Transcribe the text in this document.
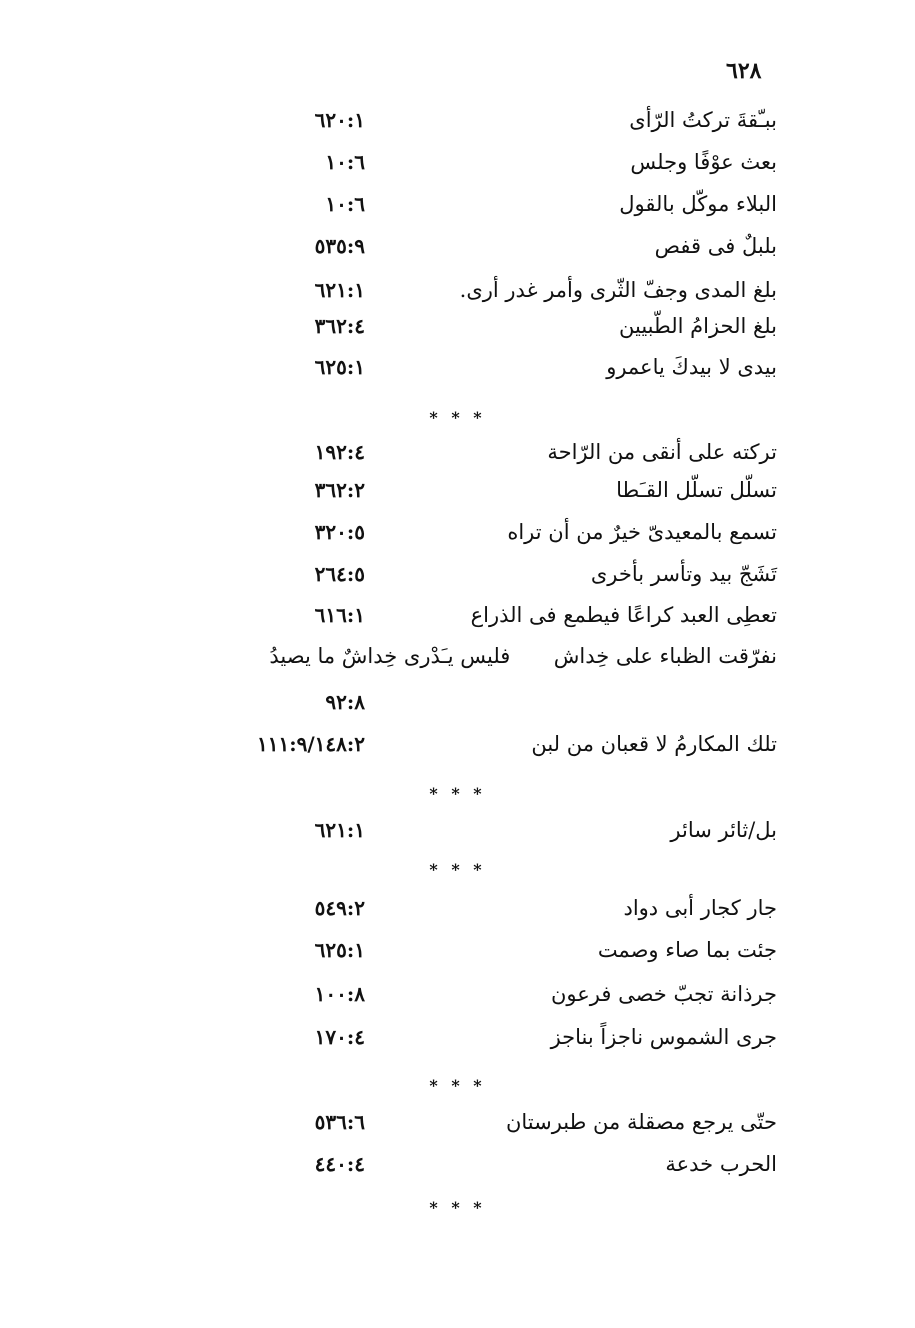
٦٢٨
ببـّقةَ تركتُ الرّأى
٦٢٠:١
بعث عوْفًا وجلس
١٠:٦
البلاء موكّل بالقول
١٠:٦
بلبلٌ فى قفص
٥٣٥:٩
بلغ المدى وجفّ الثّرى وأمر غدر أرى.
٦٢١:١
بلغ الحزامُ الطّبيين
٣٦٢:٤
بيدى لا بيدكَ ياعمرو
٦٢٥:١
* * *
تركته على أنقى من الرّاحة
١٩٢:٤
تسلّل تسلّل القـَطا
٣٦٢:٢
تسمع بالمعيدىّ خيرٌ من أن تراه
٣٢٠:٥
تَشَجّ بيد وتأسر بأخرى
٢٦٤:٥
تعطِى العبد كراعًا فيطمع فى الذراع
٦١٦:١
نفرّقت الظباء على خِداش فليس يـَدْرى خِداشٌ ما يصيدُ
٩٢:٨
تلك المكارمُ لا قعبان من لبن
١١١:٩/١٤٨:٢
* * *
بل/ثائر سائر
٦٢١:١
* * *
جار كجار أبى دواد
٥٤٩:٢
جئت بما صاء وصمت
٦٢٥:١
جرذانة تجبّ خصى فرعون
١٠٠:٨
جرى الشموس ناجزاً بناجز
١٧٠:٤
* * *
حتّى يرجع مصقلة من طبرستان
٥٣٦:٦
الحرب خدعة
٤٤٠:٤
* * *
